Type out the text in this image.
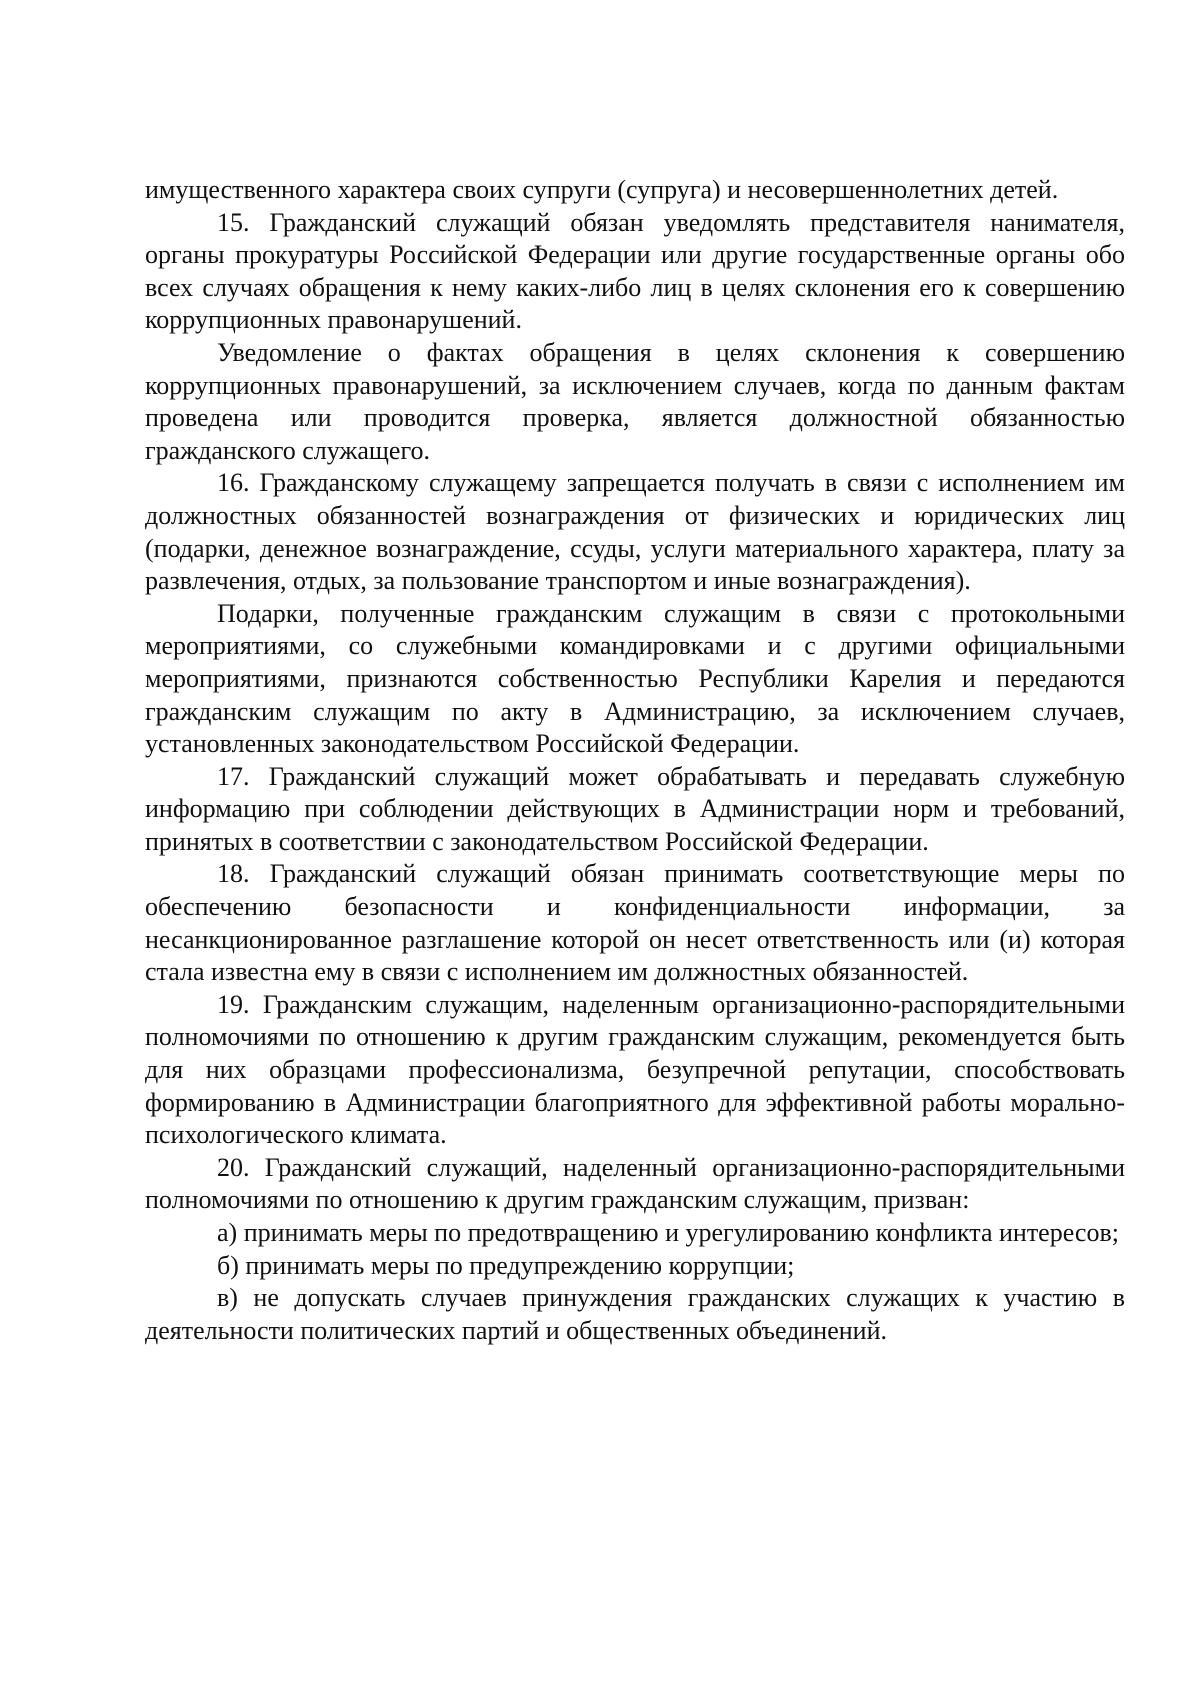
имущественного характера своих супруги (супруга) и несовершеннолетних детей.

15. Гражданский служащий обязан уведомлять представителя нанимателя, органы прокуратуры Российской Федерации или другие государственные органы обо всех случаях обращения к нему каких-либо лиц в целях склонения его к совершению коррупционных правонарушений.

Уведомление о фактах обращения в целях склонения к совершению коррупционных правонарушений, за исключением случаев, когда по данным фактам проведена или проводится проверка, является должностной обязанностью гражданского служащего.

16. Гражданскому служащему запрещается получать в связи с исполнением им должностных обязанностей вознаграждения от физических и юридических лиц (подарки, денежное вознаграждение, ссуды, услуги материального характера, плату за развлечения, отдых, за пользование транспортом и иные вознаграждения).

Подарки, полученные гражданским служащим в связи с протокольными мероприятиями, со служебными командировками и с другими официальными мероприятиями, признаются собственностью Республики Карелия и передаются гражданским служащим по акту в Администрацию, за исключением случаев, установленных законодательством Российской Федерации.

17. Гражданский служащий может обрабатывать и передавать служебную информацию при соблюдении действующих в Администрации норм и требований, принятых в соответствии с законодательством Российской Федерации.

18. Гражданский служащий обязан принимать соответствующие меры по обеспечению безопасности и конфиденциальности информации, за несанкционированное разглашение которой он несет ответственность или (и) которая стала известна ему в связи с исполнением им должностных обязанностей.

19. Гражданским служащим, наделенным организационно-распорядительными полномочиями по отношению к другим гражданским служащим, рекомендуется быть для них образцами профессионализма, безупречной репутации, способствовать формированию в Администрации благоприятного для эффективной работы морально-психологического климата.

20. Гражданский служащий, наделенный организационно-распорядительными полномочиями по отношению к другим гражданским служащим, призван:

а) принимать меры по предотвращению и урегулированию конфликта интересов;

б) принимать меры по предупреждению коррупции;

в) не допускать случаев принуждения гражданских служащих к участию в деятельности политических партий и общественных объединений.
